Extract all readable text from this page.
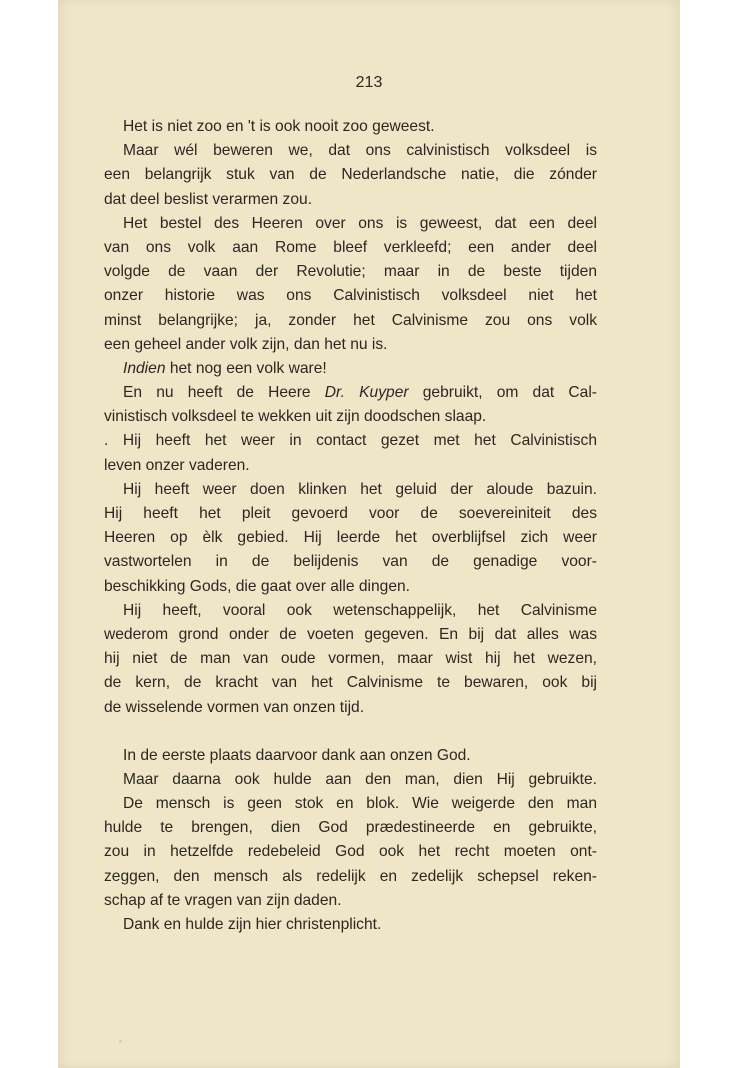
213
Het is niet zoo en 't is ook nooit zoo geweest.
Maar wél beweren we, dat ons calvinistisch volksdeel is
een belangrijk stuk van de Nederlandsche natie, die zónder
dat deel beslist verarmen zou.
Het bestel des Heeren over ons is geweest, dat een deel
van ons volk aan Rome bleef verkleefd; een ander deel
volgde de vaan der Revolutie; maar in de beste tijden
onzer historie was ons Calvinistisch volksdeel niet het
minst belangrijke; ja, zonder het Calvinisme zou ons volk
een geheel ander volk zijn, dan het nu is.
Indien het nog een volk ware!
En nu heeft de Heere Dr. Kuyper gebruikt, om dat Cal-
vinistisch volksdeel te wekken uit zijn doodschen slaap.
. Hij heeft het weer in contact gezet met het Calvinistisch
leven onzer vaderen.
Hij heeft weer doen klinken het geluid der aloude bazuin.
Hij heeft het pleit gevoerd voor de soevereiniteit des
Heeren op èlk gebied. Hij leerde het overblijfsel zich weer
vastwortelen in de belijdenis van de genadige voor-
beschikking Gods, die gaat over alle dingen.
Hij heeft, vooral ook wetenschappelijk, het Calvinisme
wederom grond onder de voeten gegeven. En bij dat alles was
hij niet de man van oude vormen, maar wist hij het wezen,
de kern, de kracht van het Calvinisme te bewaren, ook bij
de wisselende vormen van onzen tijd.
In de eerste plaats daarvoor dank aan onzen God.
Maar daarna ook hulde aan den man, dien Hij gebruikte.
De mensch is geen stok en blok. Wie weigerde den man
hulde te brengen, dien God prædestineerde en gebruikte,
zou in hetzelfde redebeleid God ook het recht moeten ont-
zeggen, den mensch als redelijk en zedelijk schepsel reken-
schap af te vragen van zijn daden.
Dank en hulde zijn hier christenplicht.
